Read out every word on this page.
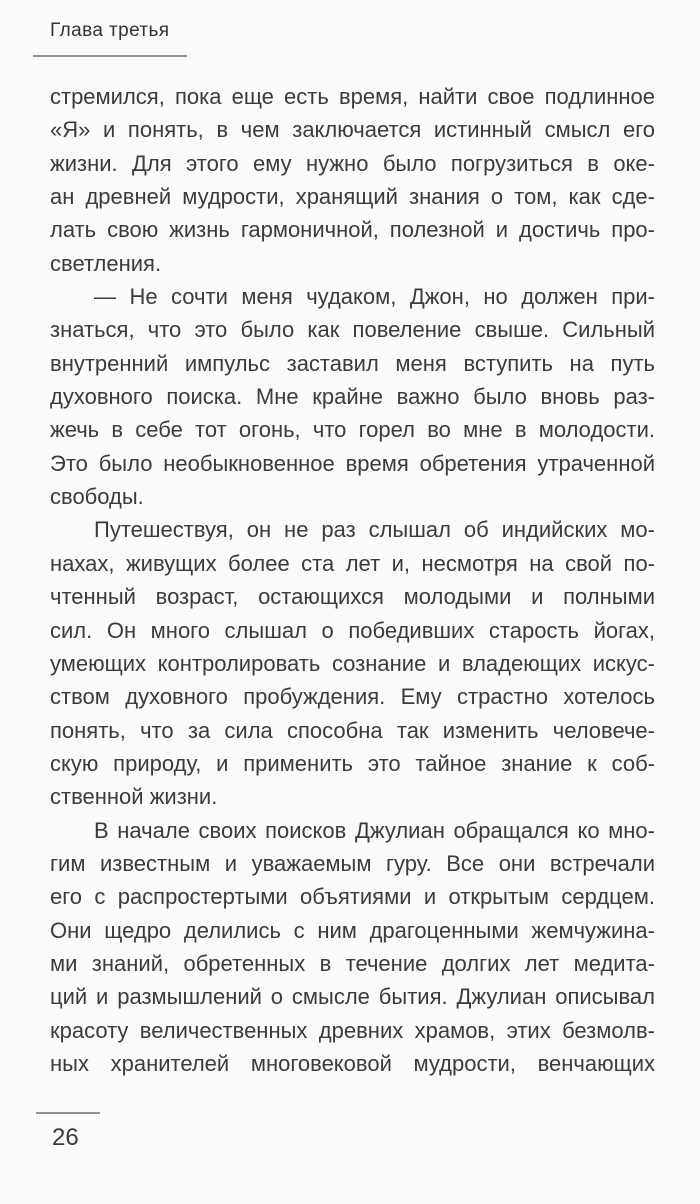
Глава третья
стремился, пока еще есть время, найти свое подлинное
«Я» и понять, в чем заключается истинный смысл его
жизни. Для этого ему нужно было погрузиться в оке-
ан древней мудрости, хранящий знания о том, как сде-
лать свою жизнь гармоничной, полезной и достичь про-
светления.
— Не сочти меня чудаком, Джон, но должен при-
знаться, что это было как повеление свыше. Сильный
внутренний импульс заставил меня вступить на путь
духовного поиска. Мне крайне важно было вновь раз-
жечь в себе тот огонь, что горел во мне в молодости.
Это было необыкновенное время обретения утраченной
свободы.
Путешествуя, он не раз слышал об индийских мо-
нахах, живущих более ста лет и, несмотря на свой по-
чтенный возраст, остающихся молодыми и полными
сил. Он много слышал о победивших старость йогах,
умеющих контролировать сознание и владеющих искус-
ством духовного пробуждения. Ему страстно хотелось
понять, что за сила способна так изменить человече-
скую природу, и применить это тайное знание к соб-
ственной жизни.
В начале своих поисков Джулиан обращался ко мно-
гим известным и уважаемым гуру. Все они встречали
его с распростертыми объятиями и открытым сердцем.
Они щедро делились с ним драгоценными жемчужина-
ми знаний, обретенных в течение долгих лет медита-
ций и размышлений о смысле бытия. Джулиан описывал
красоту величественных древних храмов, этих безмолв-
ных хранителей многовековой мудрости, венчающих
26
